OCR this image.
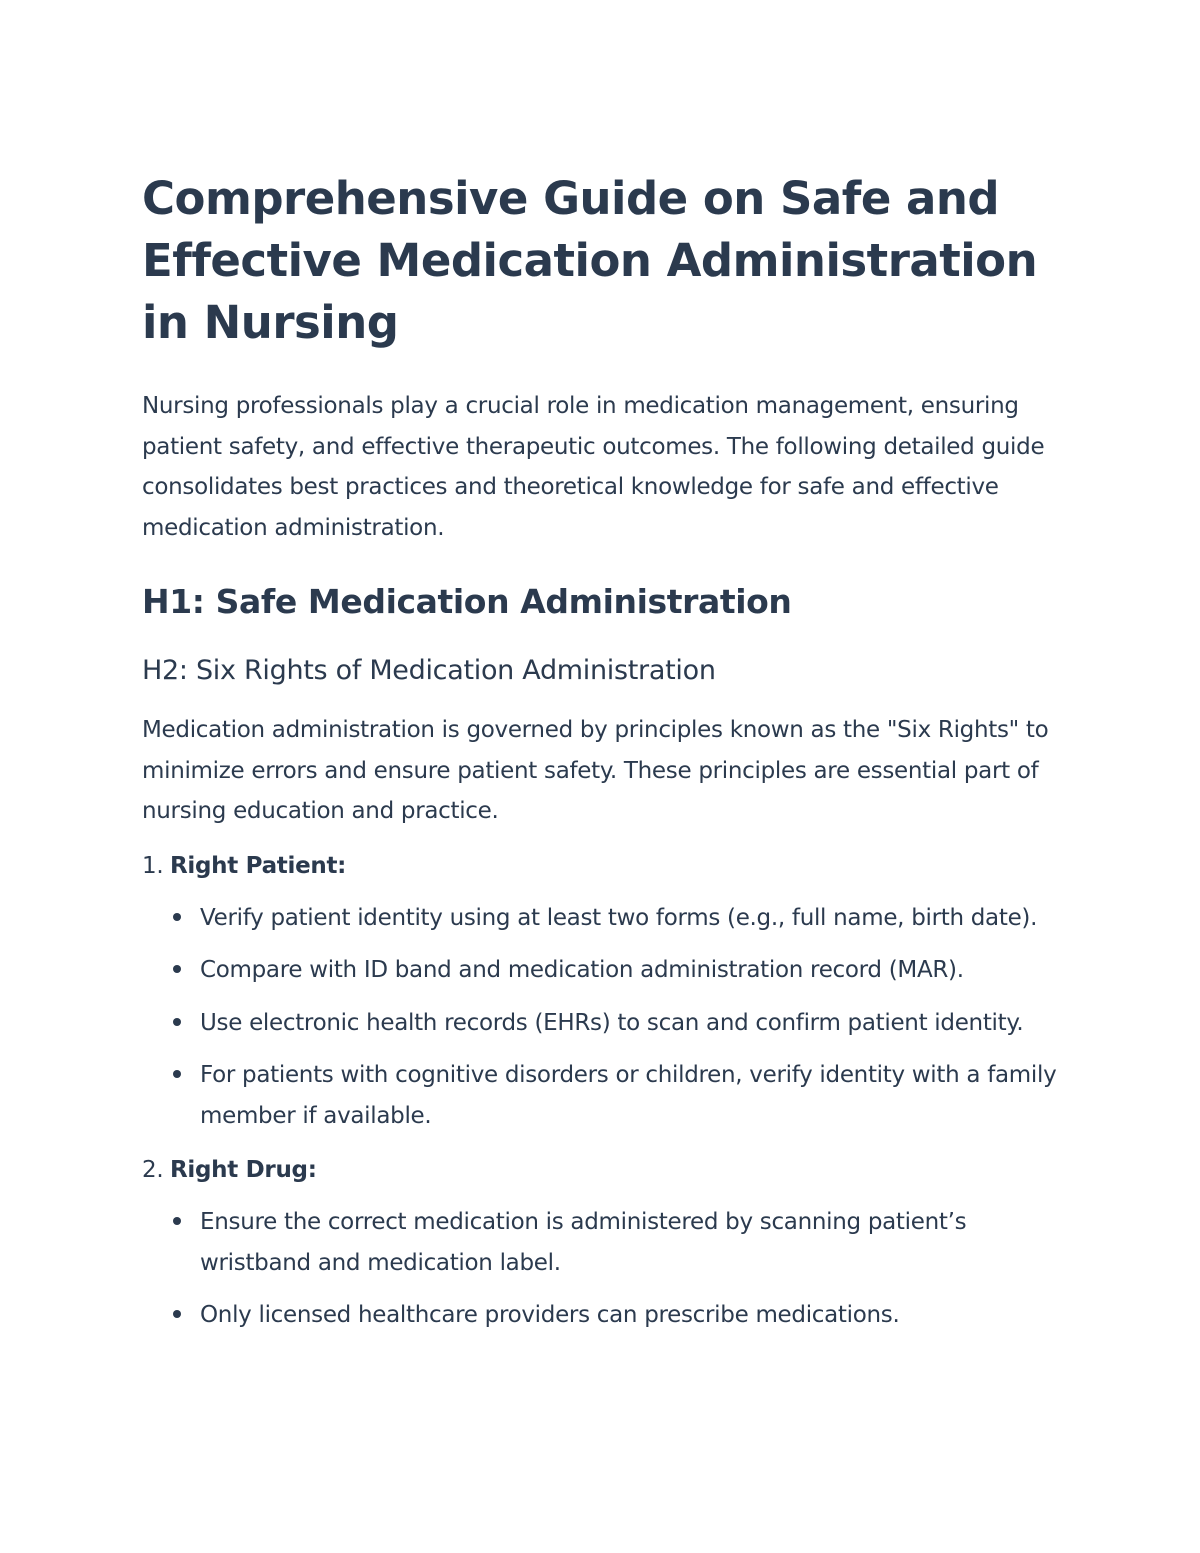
Comprehensive Guide on Safe and Effective Medication Administration in Nursing

Nursing professionals play a crucial role in medication management, ensuring patient safety, and effective therapeutic outcomes. The following detailed guide consolidates best practices and theoretical knowledge for safe and effective medication administration.

H1: Safe Medication Administration
H2: Six Rights of Medication Administration

Medication administration is governed by principles known as the "Six Rights" to minimize errors and ensure patient safety. These principles are essential part of nursing education and practice.

1. Right Patient:
Verify patient identity using at least two forms (e.g., full name, birth date).
Compare with ID band and medication administration record (MAR).
Use electronic health records (EHRs) to scan and confirm patient identity.
For patients with cognitive disorders or children, verify identity with a family member if available.
2. Right Drug:
Ensure the correct medication is administered by scanning patient’s wristband and medication label.
Only licensed healthcare providers can prescribe medications.
